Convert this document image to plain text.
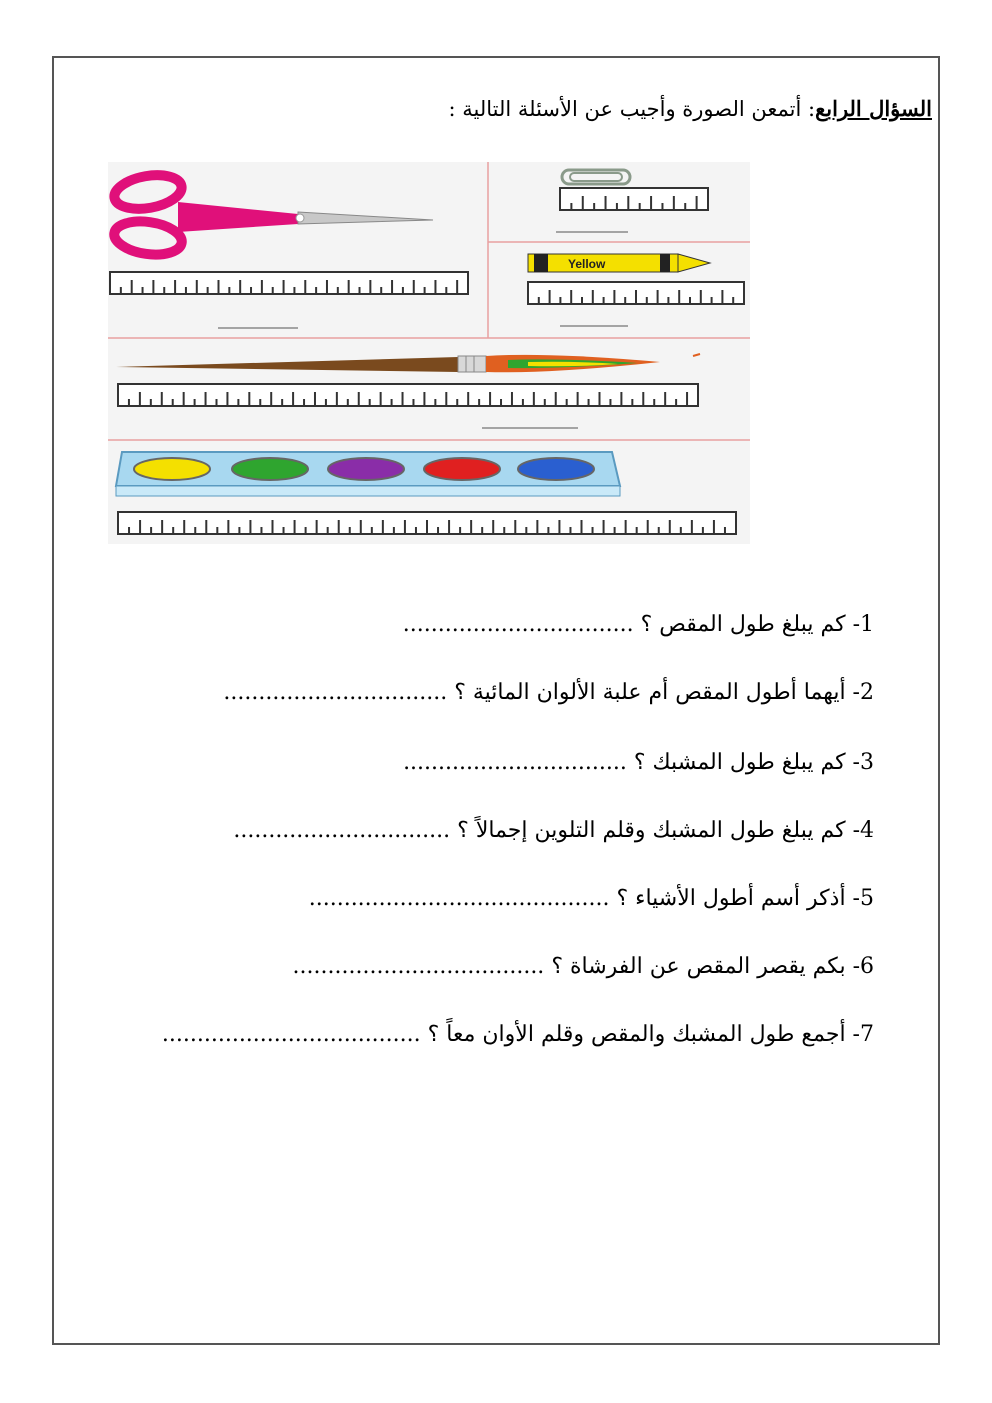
السؤال الرابع: أتمعن الصورة وأجيب عن الأسئلة التالية :
Yellow
1- كم يبلغ طول المقص ؟ .................................
2- أيهما أطول المقص أم علبة الألوان المائية ؟ ................................
3- كم يبلغ طول المشبك ؟ ................................
4- كم يبلغ طول المشبك وقلم التلوين إجمالاً ؟ ...............................
5- أذكر أسم أطول الأشياء ؟ ...........................................
6- بكم يقصر المقص عن الفرشاة ؟ ....................................
7- أجمع طول المشبك والمقص وقلم الأوان معاً ؟ .....................................
